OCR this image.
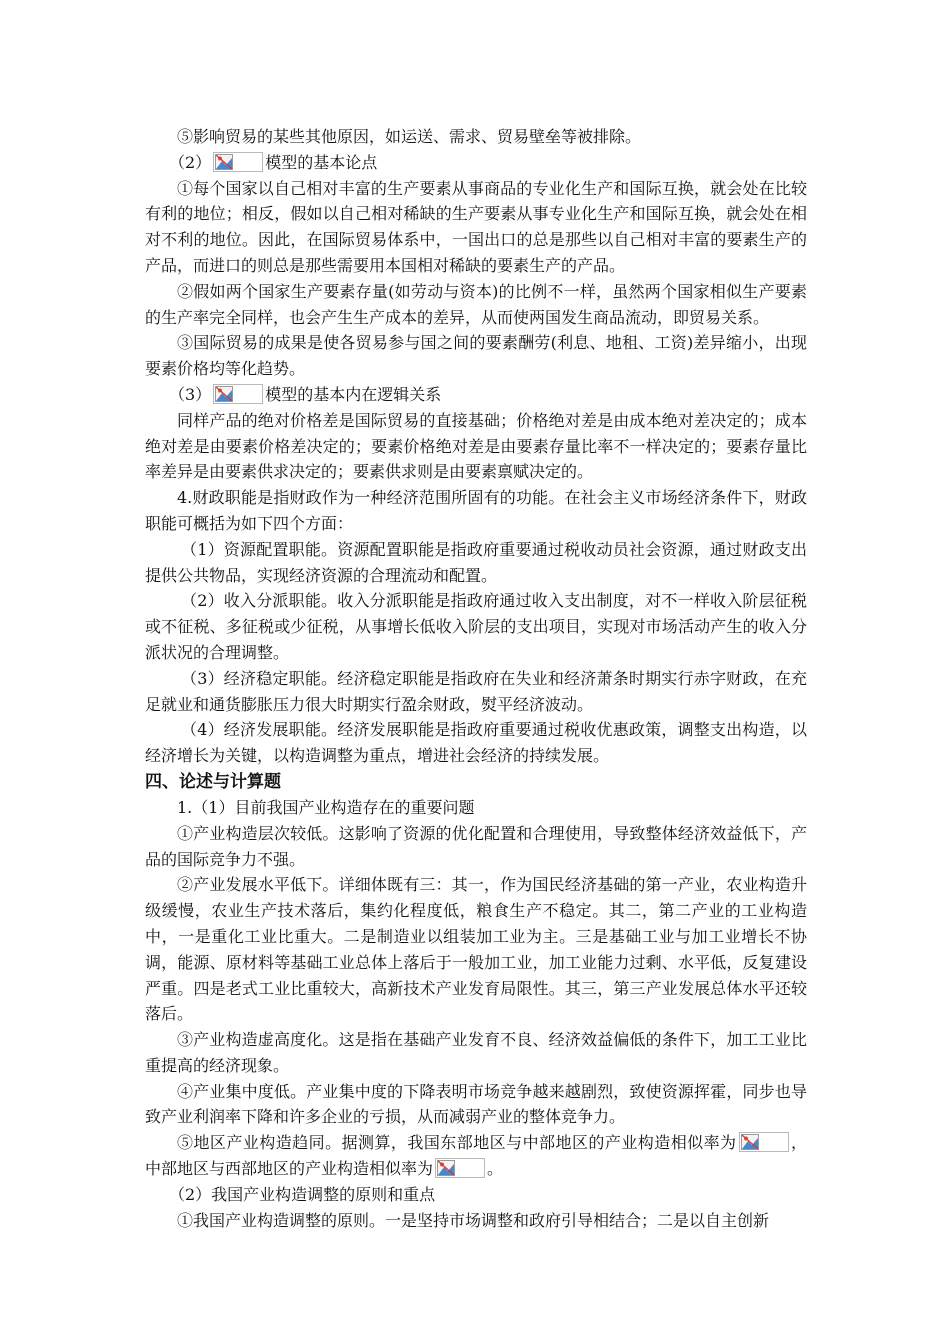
⑤影响贸易的某些其他原因，如运送、需求、贸易壁垒等被排除。

（2）	模型的基本论点

①每个国家以自己相对丰富的生产要素从事商品的专业化生产和国际互换，就会处在比较有利的地位；相反，假如以自己相对稀缺的生产要素从事专业化生产和国际互换，就会处在相对不利的地位。因此，在国际贸易体系中，一国出口的总是那些以自己相对丰富的要素生产的产品，而进口的则总是那些需要用本国相对稀缺的要素生产的产品。

②假如两个国家生产要素存量(如劳动与资本)的比例不一样，虽然两个国家相似生产要素的生产率完全同样，也会产生生产成本的差异，从而使两国发生商品流动，即贸易关系。

③国际贸易的成果是使各贸易参与国之间的要素酬劳(利息、地租、工资)差异缩小，出现要素价格均等化趋势。

（3）	模型的基本内在逻辑关系

同样产品的绝对价格差是国际贸易的直接基础；价格绝对差是由成本绝对差决定的；成本绝对差是由要素价格差决定的；要素价格绝对差是由要素存量比率不一样决定的；要素存量比率差异是由要素供求决定的；要素供求则是由要素禀赋决定的。

4.财政职能是指财政作为一种经济范围所固有的功能。在社会主义市场经济条件下，财政职能可概括为如下四个方面：

（1）资源配置职能。资源配置职能是指政府重要通过税收动员社会资源，通过财政支出提供公共物品，实现经济资源的合理流动和配置。

（2）收入分派职能。收入分派职能是指政府通过收入支出制度，对不一样收入阶层征税或不征税、多征税或少征税，从事增长低收入阶层的支出项目，实现对市场活动产生的收入分派状况的合理调整。

（3）经济稳定职能。经济稳定职能是指政府在失业和经济萧条时期实行赤字财政，在充足就业和通货膨胀压力很大时期实行盈余财政，熨平经济波动。

（4）经济发展职能。经济发展职能是指政府重要通过税收优惠政策，调整支出构造，以经济增长为关键，以构造调整为重点，增进社会经济的持续发展。

四、论述与计算题

1.（1）目前我国产业构造存在的重要问题

①产业构造层次较低。这影响了资源的优化配置和合理使用，导致整体经济效益低下，产品的国际竞争力不强。

②产业发展水平低下。详细体既有三：其一，作为国民经济基础的第一产业，农业构造升级缓慢，农业生产技术落后，集约化程度低，粮食生产不稳定。其二，第二产业的工业构造中，一是重化工业比重大。二是制造业以组装加工业为主。三是基础工业与加工业增长不协调，能源、原材料等基础工业总体上落后于一般加工业，加工业能力过剩、水平低，反复建设严重。四是老式工业比重较大，高新技术产业发育局限性。其三，第三产业发展总体水平还较落后。

③产业构造虚高度化。这是指在基础产业发育不良、经济效益偏低的条件下，加工工业比重提高的经济现象。

④产业集中度低。产业集中度的下降表明市场竞争越来越剧烈，致使资源挥霍，同步也导致产业利润率下降和许多企业的亏损，从而减弱产业的整体竞争力。

⑤地区产业构造趋同。据测算，我国东部地区与中部地区的产业构造相似率为	，中部地区与西部地区的产业构造相似率为	。

（2）我国产业构造调整的原则和重点

①我国产业构造调整的原则。一是坚持市场调整和政府引导相结合；二是以自主创新
